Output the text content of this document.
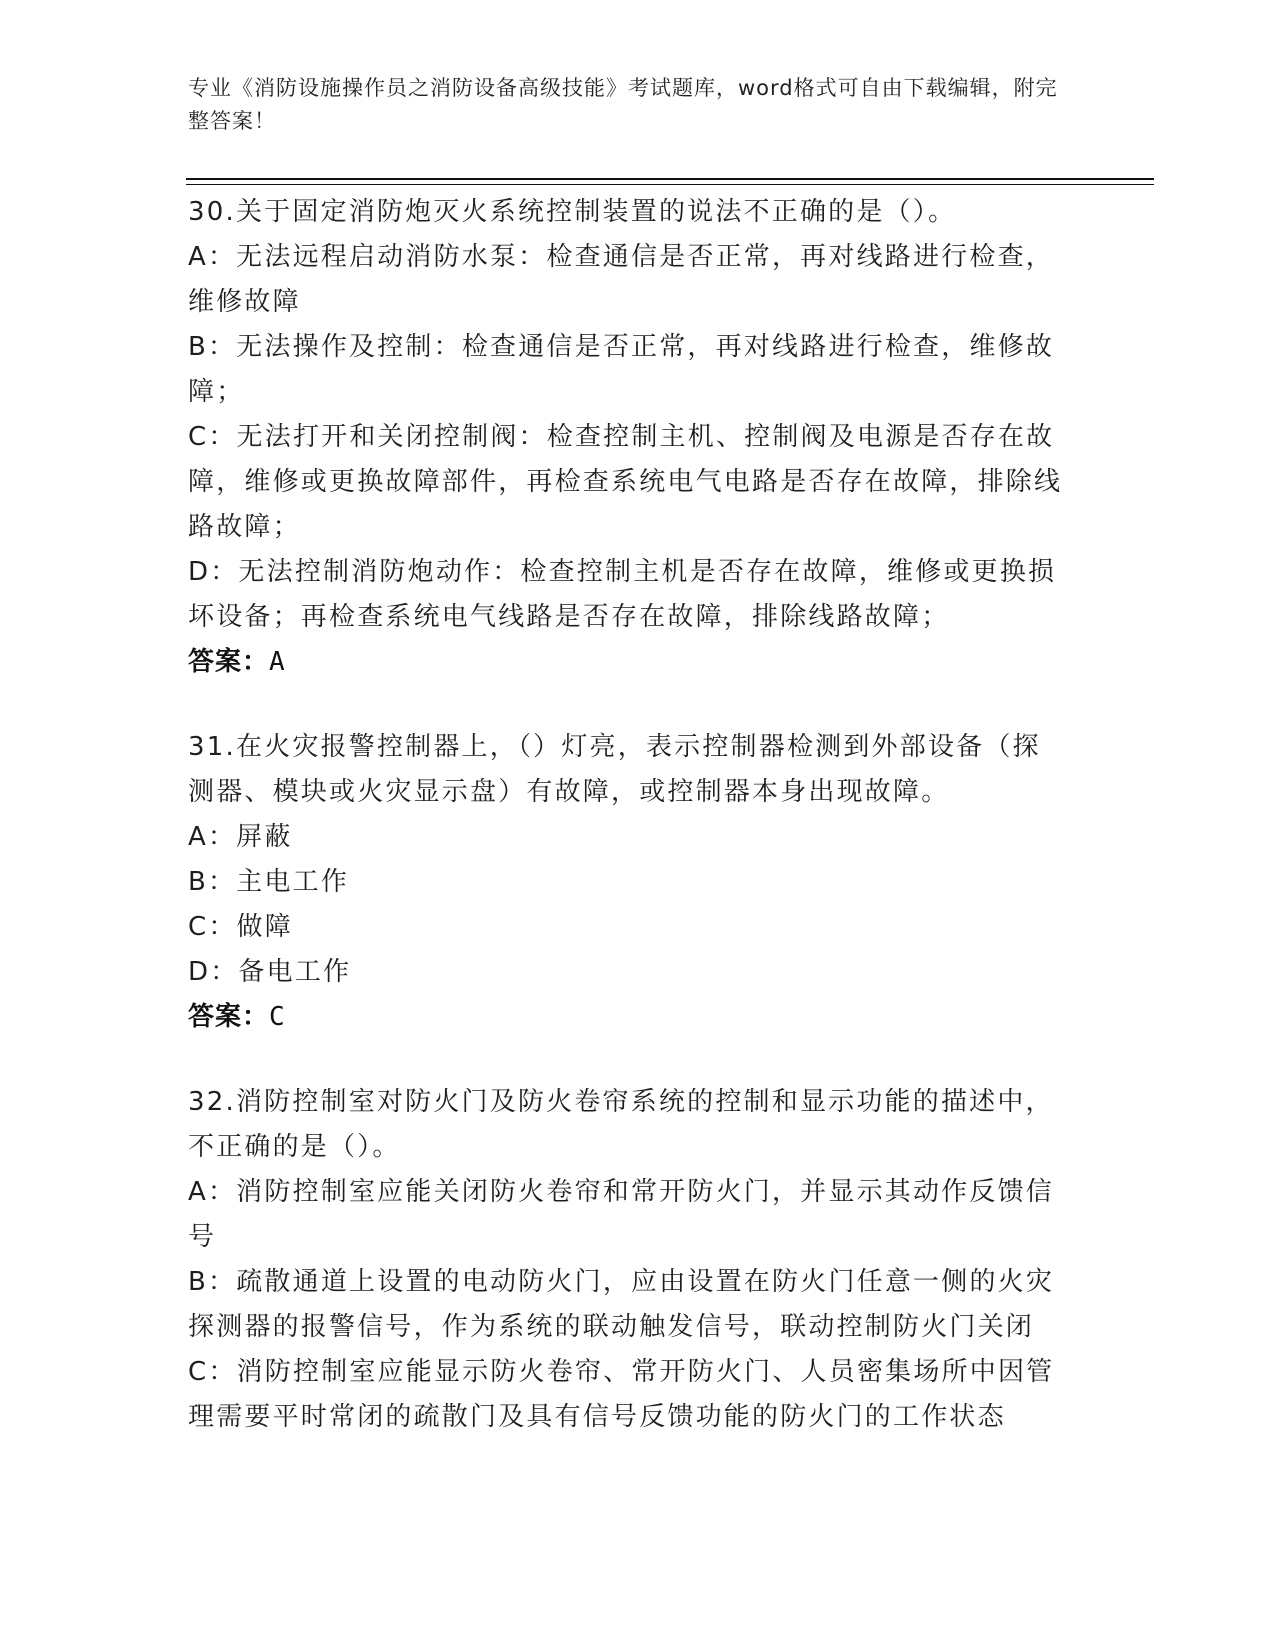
专业《消防设施操作员之消防设备高级技能》考试题库，word格式可自由下载编辑，附完整答案！
30.关于固定消防炮灭火系统控制装置的说法不正确的是（）。
A：无法远程启动消防水泵：检查通信是否正常，再对线路进行检查，维修故障
B：无法操作及控制：检查通信是否正常，再对线路进行检查，维修故障；
C：无法打开和关闭控制阀：检查控制主机、控制阀及电源是否存在故障，维修或更换故障部件，再检查系统电气电路是否存在故障，排除线路故障；
D：无法控制消防炮动作：检查控制主机是否存在故障，维修或更换损坏设备；再检查系统电气线路是否存在故障，排除线路故障；
答案：A
31.在火灾报警控制器上，（）灯亮，表示控制器检测到外部设备（探测器、模块或火灾显示盘）有故障，或控制器本身出现故障。
A：屏蔽
B：主电工作
C：做障
D：备电工作
答案：C
32.消防控制室对防火门及防火卷帘系统的控制和显示功能的描述中，不正确的是（）。
A：消防控制室应能关闭防火卷帘和常开防火门，并显示其动作反馈信号
B：疏散通道上设置的电动防火门，应由设置在防火门任意一侧的火灾探测器的报警信号，作为系统的联动触发信号，联动控制防火门关闭
C：消防控制室应能显示防火卷帘、常开防火门、人员密集场所中因管理需要平时常闭的疏散门及具有信号反馈功能的防火门的工作状态
